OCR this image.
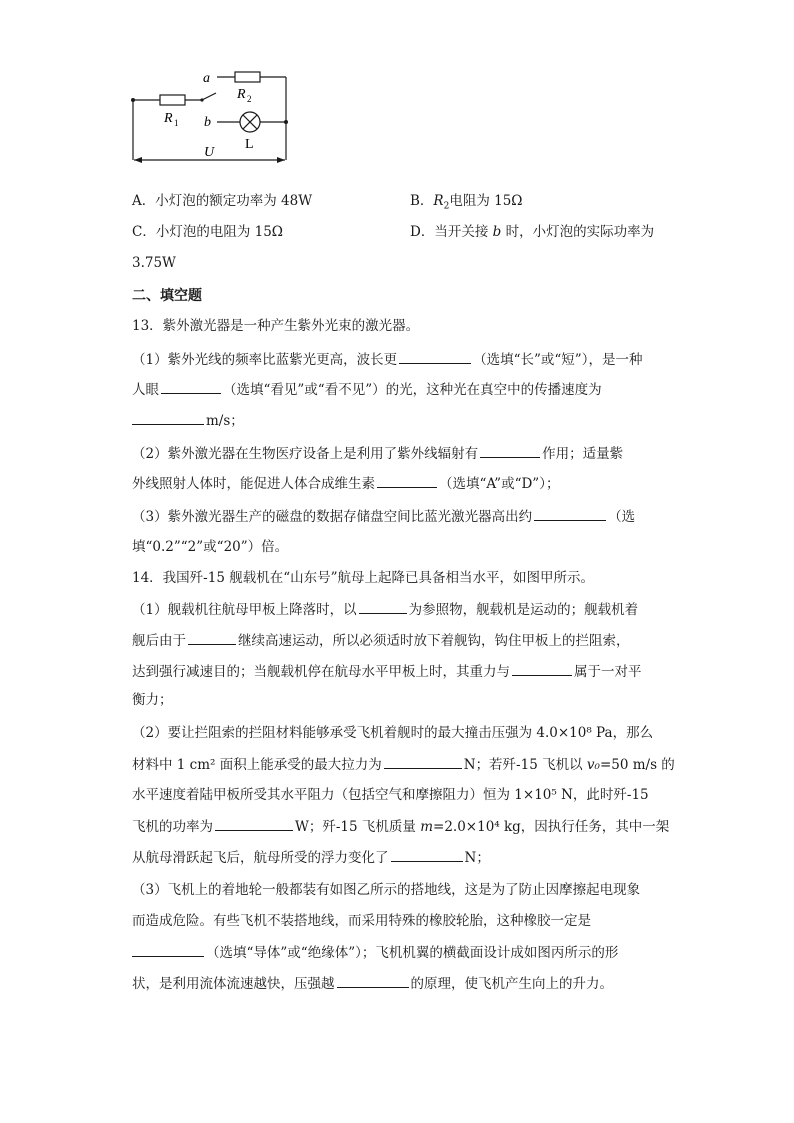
a
b
R 1
R 2
L
U
A．小灯泡的额定功率为 48W	B．$R_2$电阻为 15Ω
C．小灯泡的电阻为 15Ω	D．当开关接 b 时，小灯泡的实际功率为
3.75W
二、填空题
13．紫外激光器是一种产生紫外光束的激光器。
（1）紫外光线的频率比蓝紫光更高，波长更	（选填“长”或“短”），是一种
人眼	（选填“看见”或“看不见”）的光，这种光在真空中的传播速度为
m/s；
（2）紫外激光器在生物医疗设备上是利用了紫外线辐射有	作用；适量紫
外线照射人体时，能促进人体合成维生素	（选填“A”或“D”）；
（3）紫外激光器生产的磁盘的数据存储盘空间比蓝光激光器高出约	（选
填“0.2”“2”或“20”）倍。
14．我国歼-15 舰载机在“山东号”航母上起降已具备相当水平，如图甲所示。
（1）舰载机往航母甲板上降落时，以	为参照物，舰载机是运动的；舰载机着
舰后由于	继续高速运动，所以必须适时放下着舰钩，钩住甲板上的拦阻索，
达到强行减速目的；当舰载机停在航母水平甲板上时，其重力与	属于一对平
衡力；
（2）要让拦阻索的拦阻材料能够承受飞机着舰时的最大撞击压强为 4.0×10⁸ Pa，那么
材料中 1 cm² 面积上能承受的最大拉力为	N；若歼-15 飞机以 v₀=50 m/s 的
水平速度着陆甲板所受其水平阻力（包括空气和摩擦阻力）恒为 1×10⁵ N，此时歼-15
飞机的功率为	W；歼-15 飞机质量 m=2.0×10⁴ kg，因执行任务，其中一架
从航母滑跃起飞后，航母所受的浮力变化了	N；
（3）飞机上的着地轮一般都装有如图乙所示的搭地线，这是为了防止因摩擦起电现象
而造成危险。有些飞机不装搭地线，而采用特殊的橡胶轮胎，这种橡胶一定是
（选填“导体”或“绝缘体”）；飞机机翼的横截面设计成如图丙所示的形
状，是利用流体流速越快，压强越	的原理，使飞机产生向上的升力。
